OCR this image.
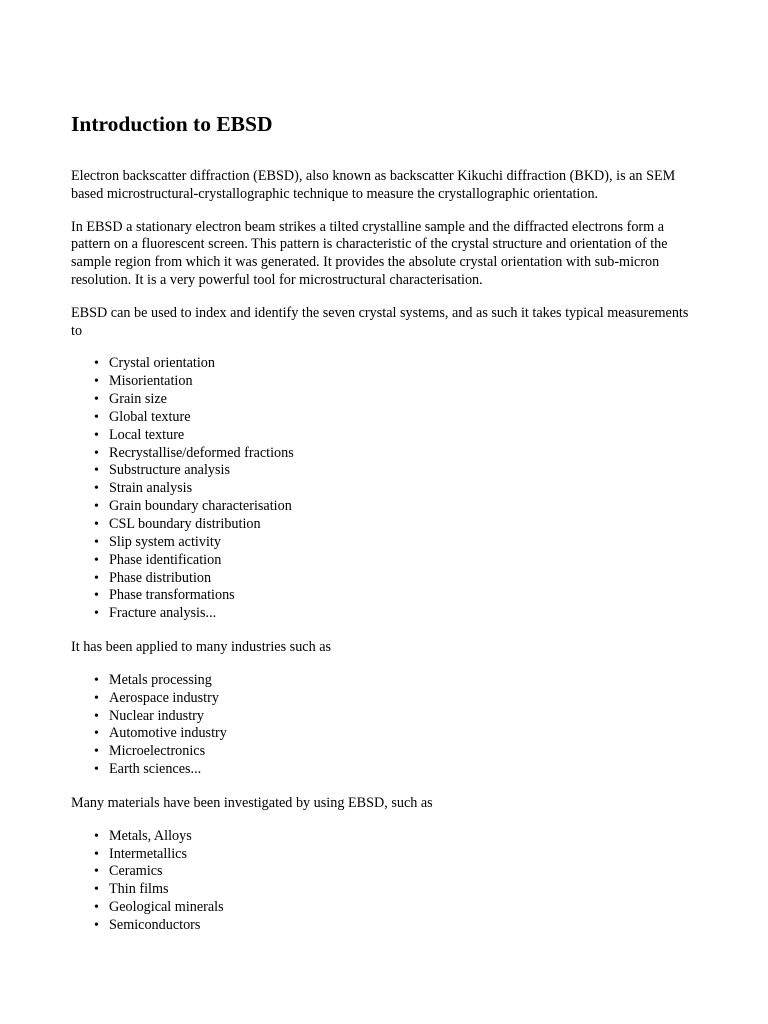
Introduction to EBSD

Electron backscatter diffraction (EBSD), also known as backscatter Kikuchi diffraction (BKD), is an SEM based microstructural-crystallographic technique to measure the crystallographic orientation.

In EBSD a stationary electron beam strikes a tilted crystalline sample and the diffracted electrons form a pattern on a fluorescent screen. This pattern is characteristic of the crystal structure and orientation of the sample region from which it was generated. It provides the absolute crystal orientation with sub-micron resolution. It is a very powerful tool for microstructural characterisation.

EBSD can be used to index and identify the seven crystal systems, and as such it takes typical measurements to

• Crystal orientation
• Misorientation
• Grain size
• Global texture
• Local texture
• Recrystallise/deformed fractions
• Substructure analysis
• Strain analysis
• Grain boundary characterisation
• CSL boundary distribution
• Slip system activity
• Phase identification
• Phase distribution
• Phase transformations
• Fracture analysis...

It has been applied to many industries such as

• Metals processing
• Aerospace industry
• Nuclear industry
• Automotive industry
• Microelectronics
• Earth sciences...

Many materials have been investigated by using EBSD, such as

• Metals, Alloys
• Intermetallics
• Ceramics
• Thin films
• Geological minerals
• Semiconductors
